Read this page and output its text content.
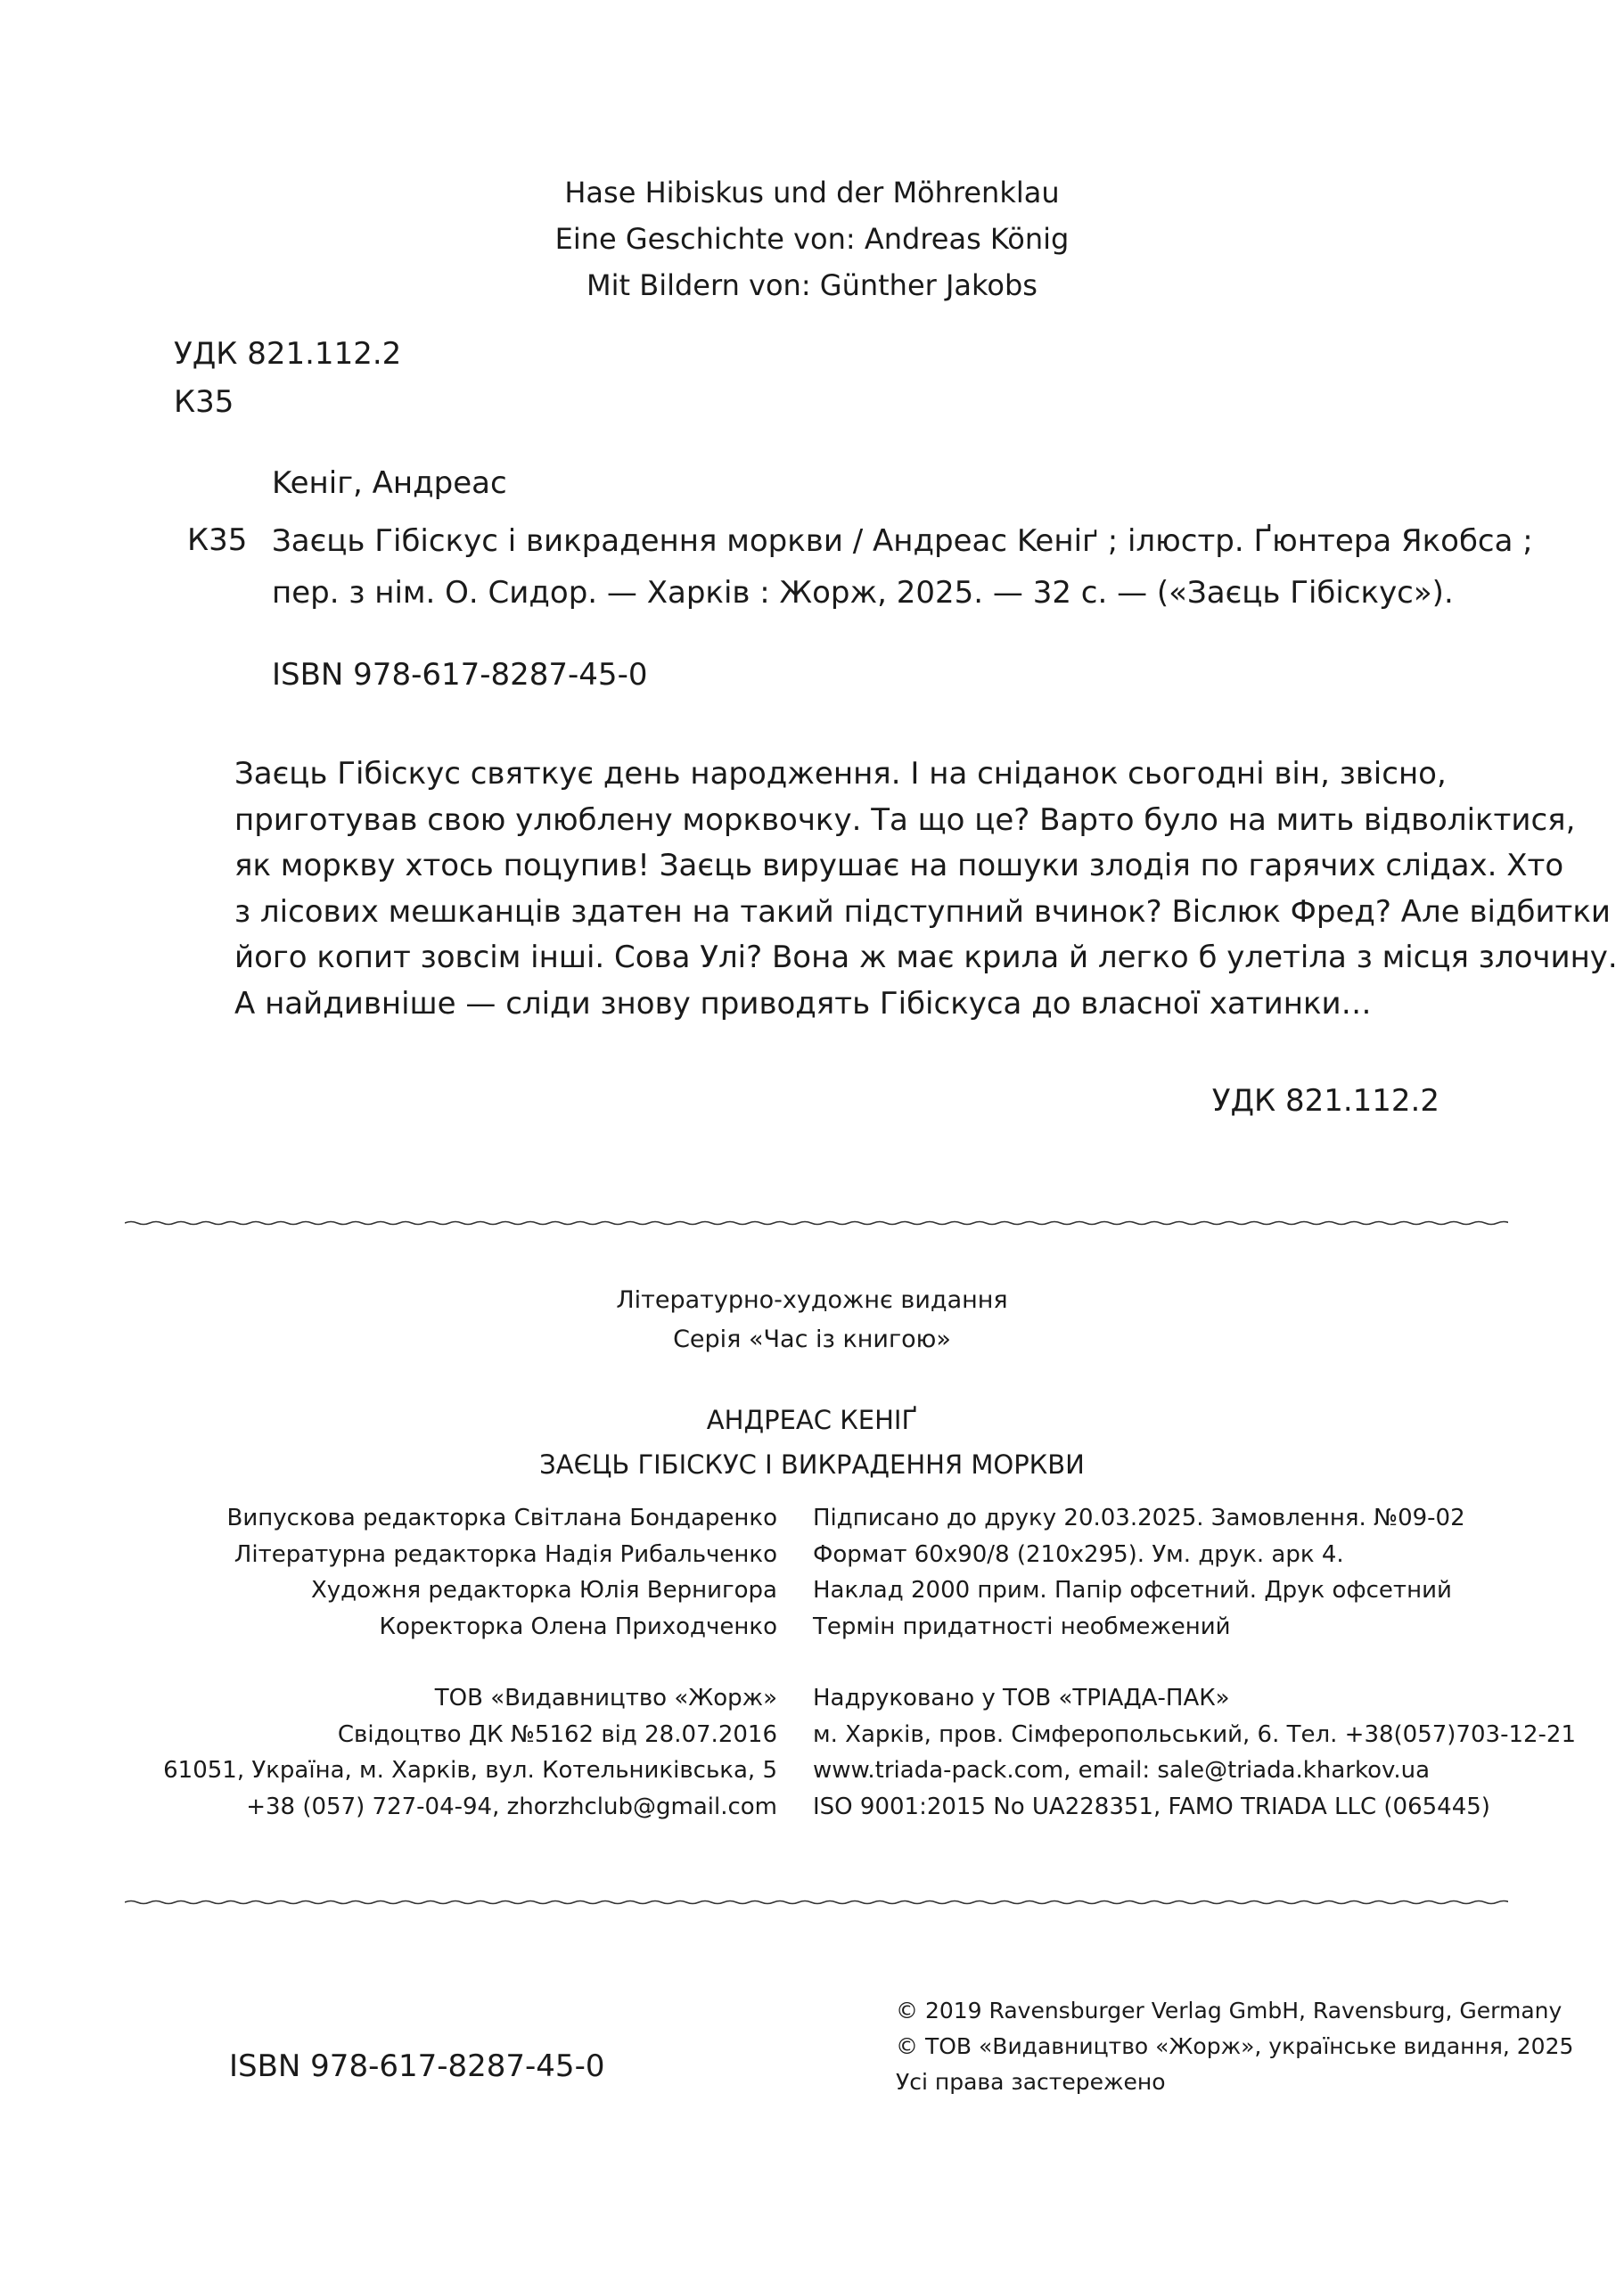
Hase Hibiskus und der Möhrenklau
Eine Geschichte von: Andreas König
Mit Bildern von: Günther Jakobs
УДК 821.112.2
К35
Keніг, Андреас
К35 Заєць Гібіскус і викрадення моркви / Андреас Keніґ ; ілюстр. Ґюнтера Якобса ;
пер. з нім. О. Сидор. — Харків : Жорж, 2025. — 32 с. — («Заєць Гібіскус»).
ISBN 978-617-8287-45-0

Заєць Гібіскус святкує день народження. І на сніданок сьогодні він, звісно,

приготував свою улюблену морквочку. Та що це? Варто було на мить відволіктися,

як моркву хтось поцупив! Заєць вирушає на пошуки злодія по гарячих слідах. Хто

з лісових мешканців здатен на такий підступний вчинок? Віслюк Фред? Але відбитки

його копит зовсім інші. Сова Улі? Вона ж має крила й легко б улетіла з місця злочину.

А найдивніше — сліди знову приводять Гібіскуса до власної хатинки…

УДК 821.112.2
Літературно-художнє видання
Серія «Час із книгою»
АНДРЕАС КЕНІҐ
ЗАЄЦЬ ГІБІСКУС І ВИКРАДЕННЯ МОРКВИ
Випускова редакторка Світлана Бондаренко
Літературна редакторка Надія Рибальченко
Художня редакторка Юлія Вернигора
Коректорка Олена Приходченко
Підписано до друку 20.03.2025. Замовлення. №09-02
Формат 60х90/8 (210х295). Ум. друк. арк 4.
Наклад 2000 прим. Папір офсетний. Друк офсетний
Термін придатності необмежений
ТОВ «Видавництво «Жорж»
Свідоцтво ДК №5162 від 28.07.2016
61051, Україна, м. Харків, вул. Котельниківська, 5
+38 (057) 727-04-94, zhorzhclub@gmail.com
Надруковано у ТОВ «ТРІАДА-ПАК»
м. Харків, пров. Сімферопольський, 6. Тел. +38(057)703-12-21
www.triada-pack.com, email: sale@triada.kharkov.ua
ISO 9001:2015 No UA228351, FAMO TRIADA LLC (065445)
ISBN 978-617-8287-45-0
© 2019 Ravensburger Verlag GmbH, Ravensburg, Germany
© ТОВ «Видавництво «Жорж», українське видання, 2025
Усі права застережено
